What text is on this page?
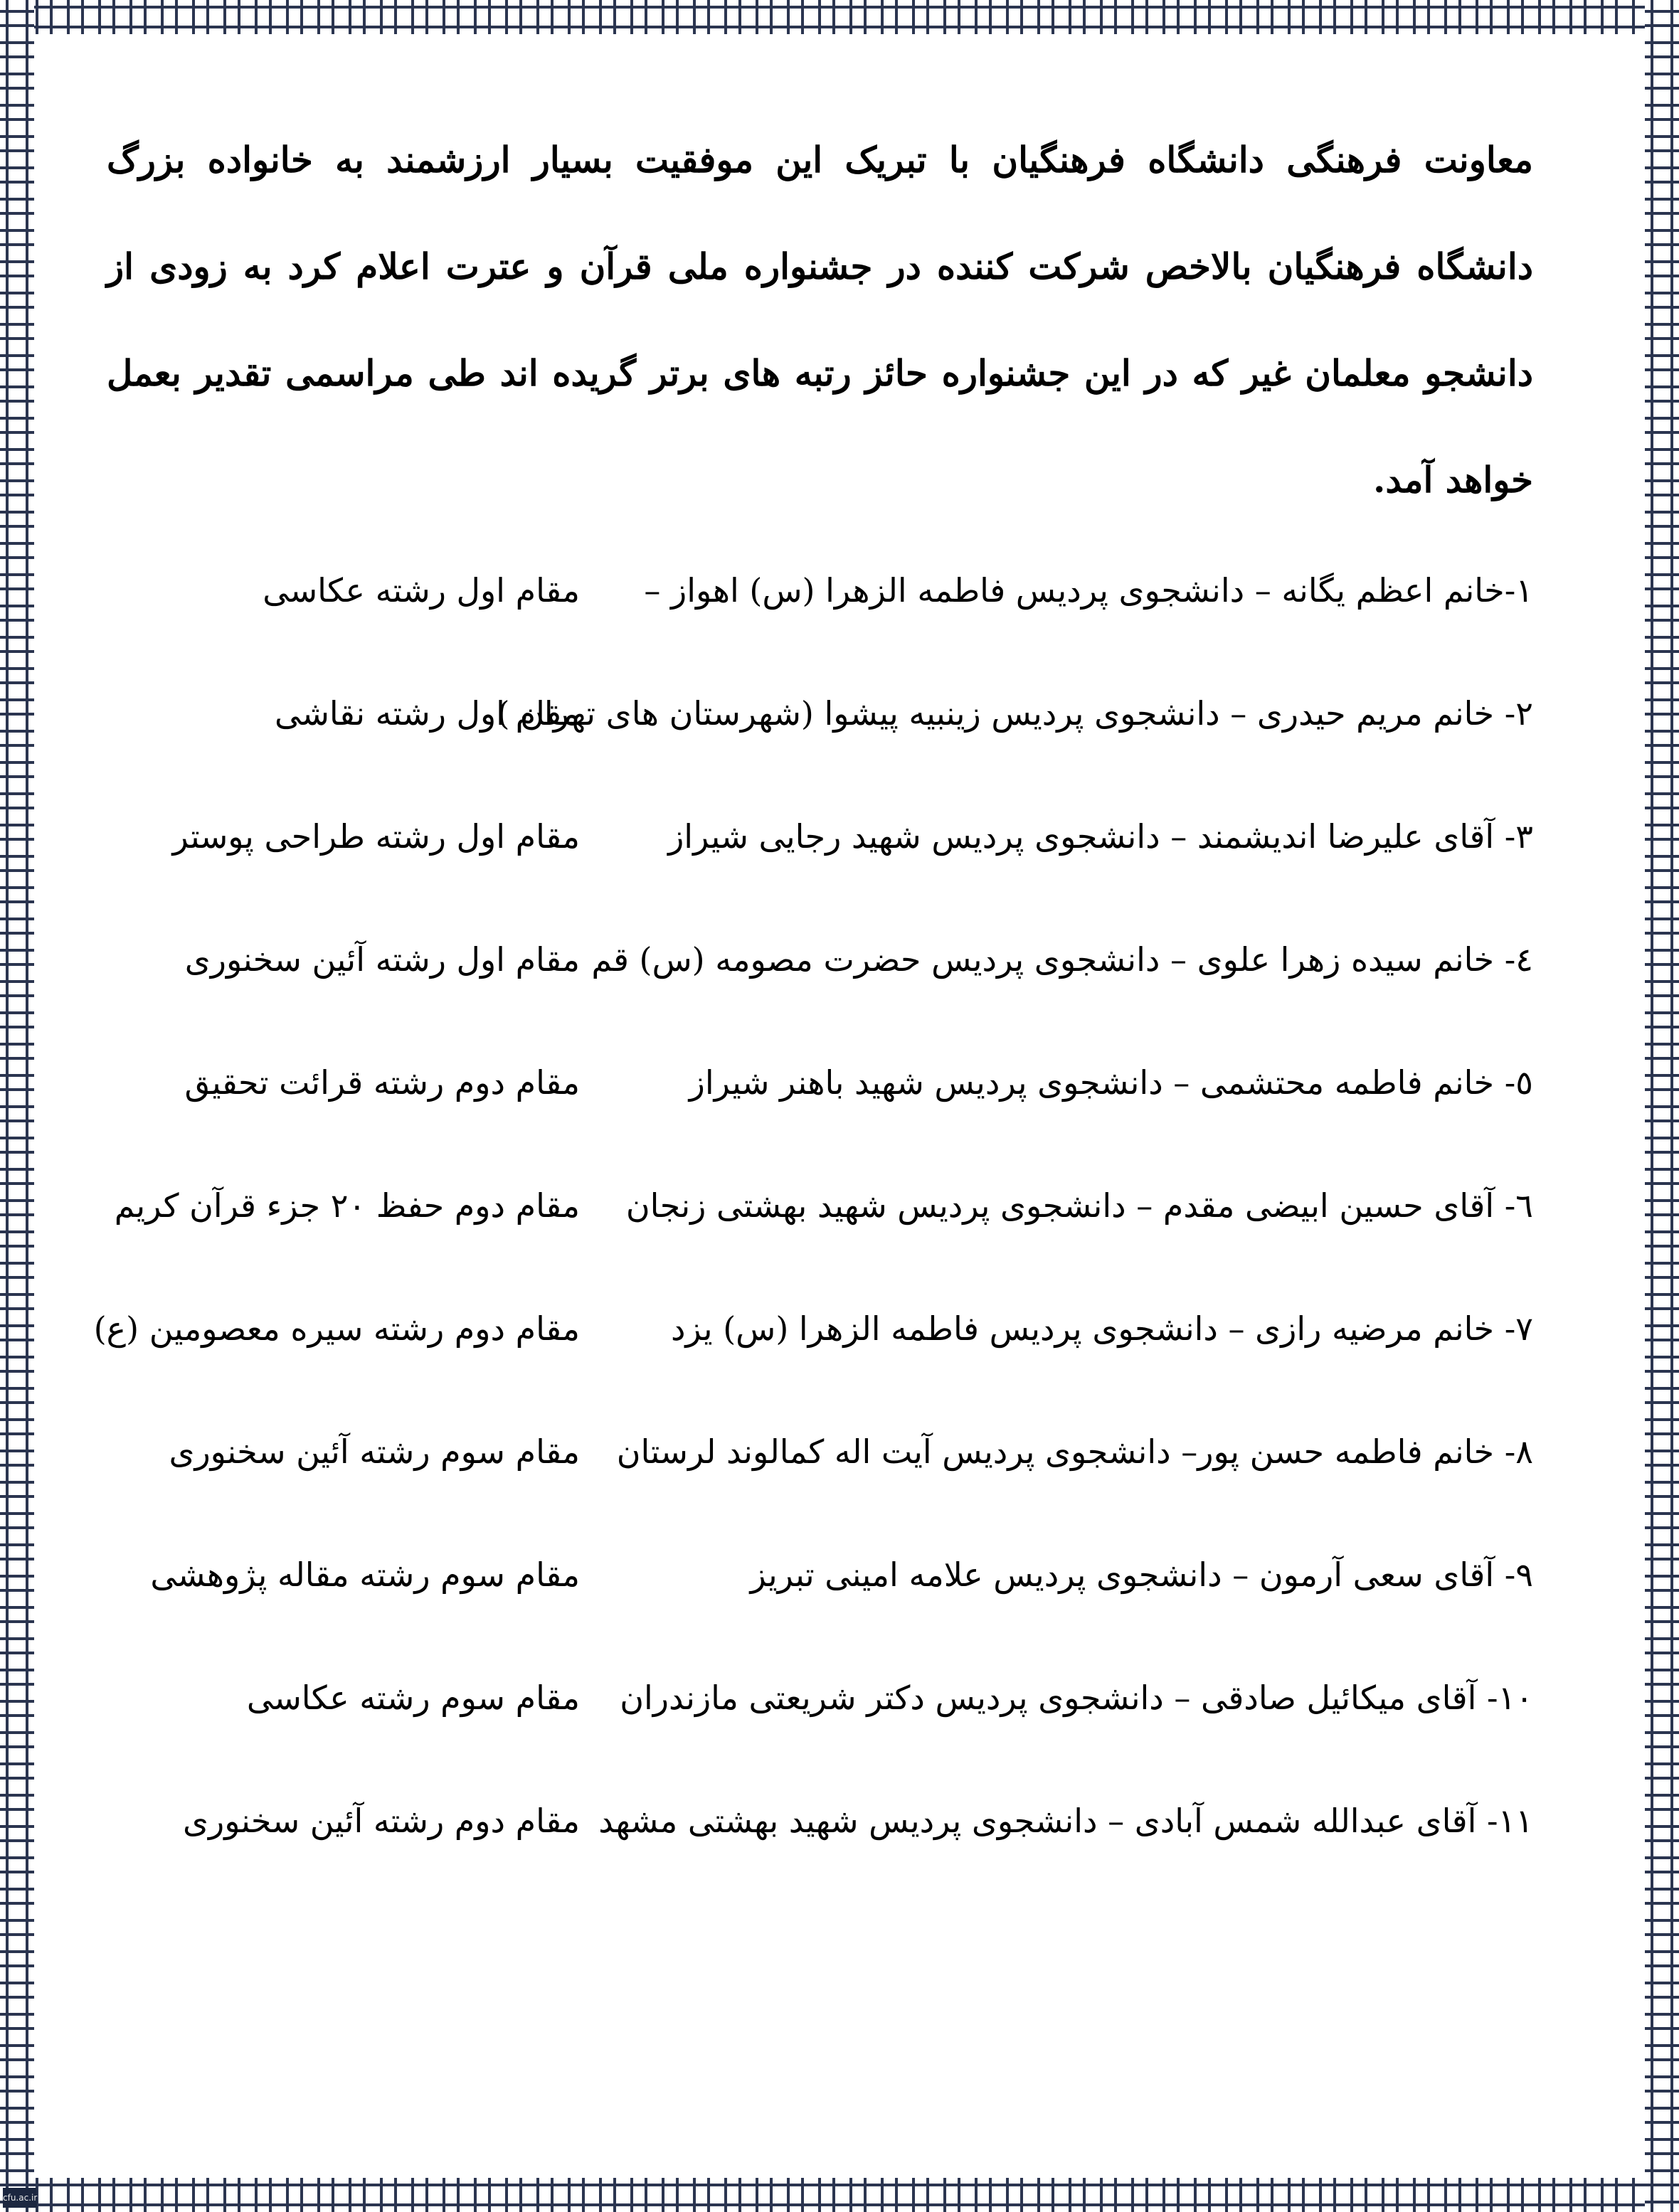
معاونت فرهنگی دانشگاه فرهنگیان با تبریک این موفقیت بسیار ارزشمند به خانواده بزرگ دانشگاه فرهنگیان بالاخص شرکت کننده در جشنواره ملی قرآن و عترت اعلام کرد به زودی از دانشجو معلمان غیر که در این جشنواره حائز رتبه های برتر گریده اند طی مراسمی تقدیر بعمل خواهد آمد.
۱-خانم اعظم یگانه – دانشجوی پردیس فاطمه الزهرا (س) اهواز –
مقام اول رشته عکاسی
۲- خانم مریم حیدری – دانشجوی پردیس زینبیه پیشوا (شهرستان های تهران )
مقام اول رشته نقاشی
۳- آقای علیرضا اندیشمند – دانشجوی پردیس شهید رجایی شیراز
مقام اول رشته طراحی پوستر
٤- خانم سیده زهرا علوی – دانشجوی پردیس حضرت مصومه (س) قم
مقام اول رشته آئین سخنوری
٥- خانم فاطمه محتشمی – دانشجوی پردیس شهید باهنر شیراز
مقام دوم رشته قرائت تحقیق
٦- آقای حسین ابیضی مقدم – دانشجوی پردیس شهید بهشتی زنجان
مقام دوم حفظ ۲۰ جزء قرآن کریم
۷- خانم مرضیه رازی – دانشجوی پردیس فاطمه الزهرا (س) یزد
مقام دوم رشته سیره معصومین (ع)
۸- خانم فاطمه حسن پور– دانشجوی پردیس آیت اله کمالوند لرستان
مقام سوم رشته آئین سخنوری
۹- آقای سعی آرمون – دانشجوی پردیس علامه امینی تبریز
مقام سوم رشته مقاله پژوهشی
۱۰- آقای میکائیل صادقی – دانشجوی پردیس دکتر شریعتی مازندران
مقام سوم رشته عکاسی
۱۱- آقای عبدالله شمس آبادی – دانشجوی پردیس شهید بهشتی مشهد
مقام دوم رشته آئین سخنوری
cfu.ac.ir
